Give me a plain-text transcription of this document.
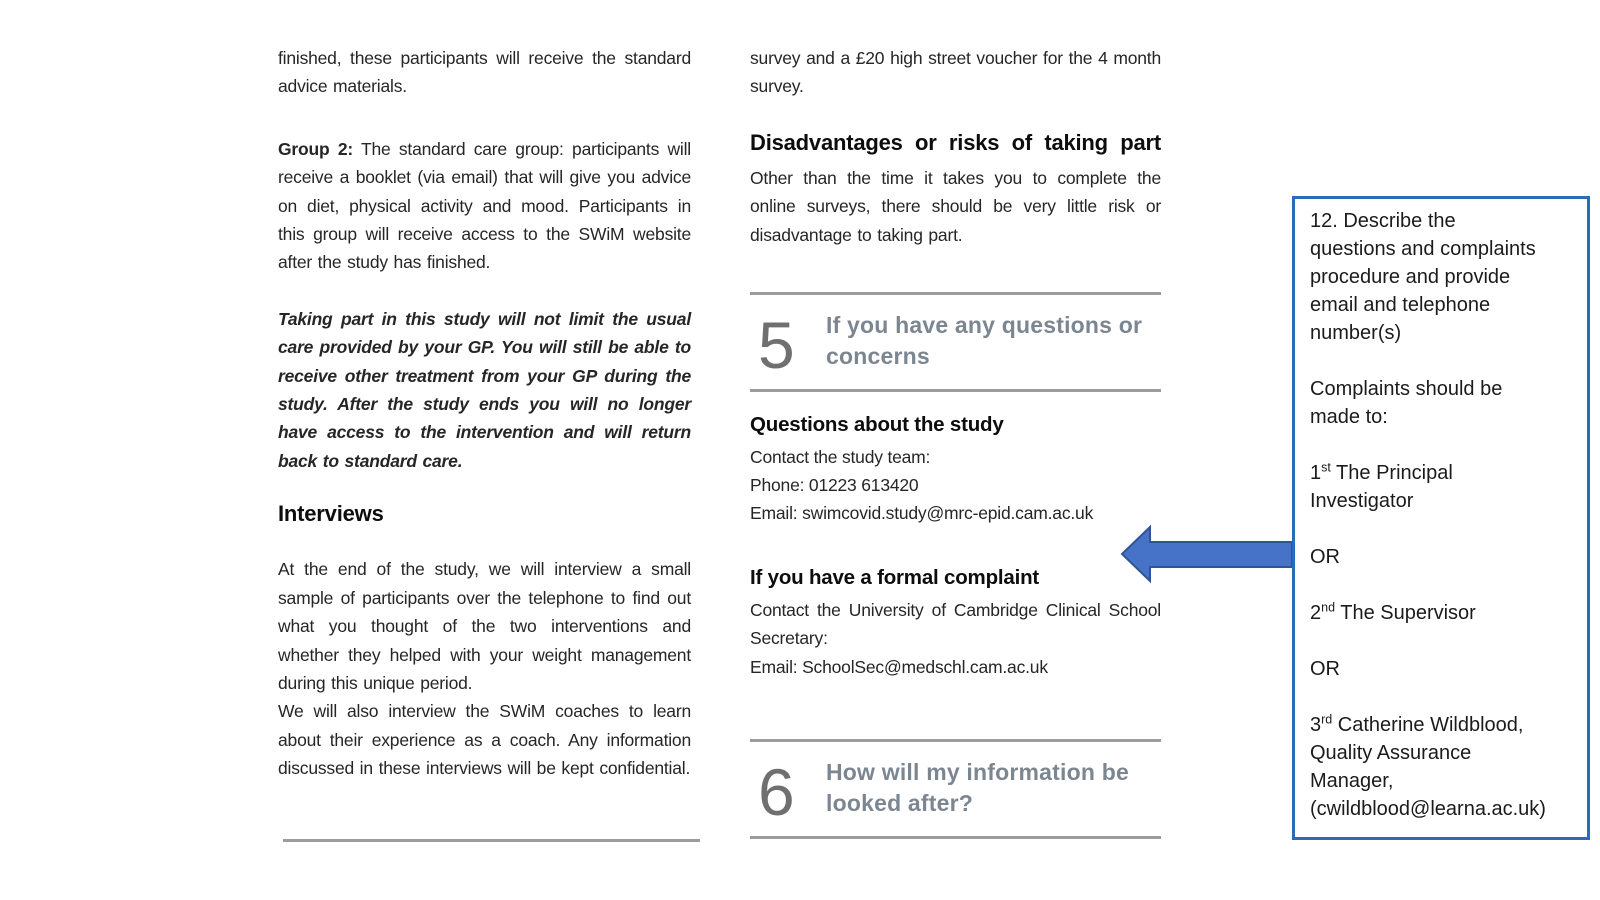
finished, these participants will receive the standard advice materials.

Group 2: The standard care group: participants will receive a booklet (via email) that will give you advice on diet, physical activity and mood. Participants in this group will receive access to the SWiM website after the study has finished.

Taking part in this study will not limit the usual care provided by your GP. You will still be able to receive other treatment from your GP during the study. After the study ends you will no longer have access to the intervention and will return back to standard care.

Interviews

At the end of the study, we will interview a small sample of participants over the telephone to find out what you thought of the two interventions and whether they helped with your weight management during this unique period.

We will also interview the SWiM coaches to learn about their experience as a coach. Any information discussed in these interviews will be kept confidential.

survey and a £20 high street voucher for the 4 month survey.

Disadvantages or risks of taking part

Other than the time it takes you to complete the online surveys, there should be very little risk or disadvantage to taking part.

5	If you have any questions or concerns
Questions about the study

Contact the study team:

Phone: 01223 613420

Email: swimcovid.study@mrc-epid.cam.ac.uk

If you have a formal complaint

Contact the University of Cambridge Clinical School Secretary:

Email: SchoolSec@medschl.cam.ac.uk

6	How will my information be looked after?
12. Describe the
questions and complaints
procedure and provide
email and telephone
number(s)
Complaints should be
made to:
1st The Principal
Investigator
OR
2nd The Supervisor
OR
3rd Catherine Wildblood,
Quality Assurance
Manager,
(cwildblood@learna.ac.uk)
